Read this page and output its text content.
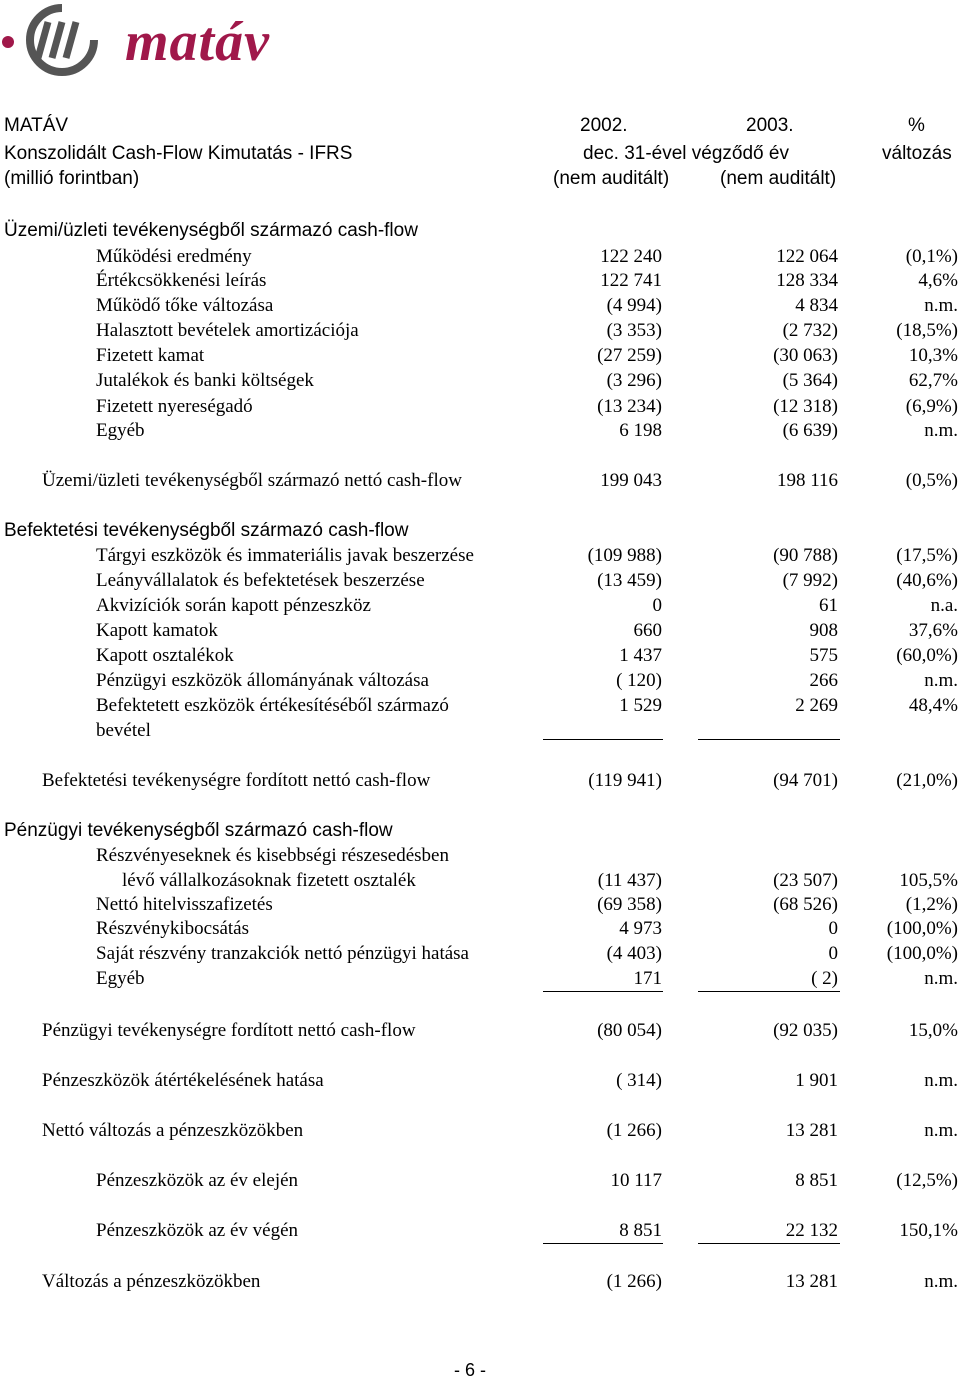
matáv
MATÁV	2002.	2003.	%
Konszolidált Cash-Flow Kimutatás - IFRS	dec. 31-ével végződő év	változás
(millió forintban)	(nem auditált)	(nem auditált)
Üzemi/üzleti tevékenységből származó cash-flow
Működési eredmény	122 240	122 064	(0,1%)
Értékcsökkenési leírás	122 741	128 334	4,6%
Működő tőke változása	(4 994)	4 834	n.m.
Halasztott bevételek amortizációja	(3 353)	(2 732)	(18,5%)
Fizetett kamat	(27 259)	(30 063)	10,3%
Jutalékok és banki költségek	(3 296)	(5 364)	62,7%
Fizetett nyereségadó	(13 234)	(12 318)	(6,9%)
Egyéb	6 198	(6 639)	n.m.
Üzemi/üzleti tevékenységből származó nettó cash-flow	199 043	198 116	(0,5%)
Befektetési tevékenységből származó cash-flow
Tárgyi eszközök és immateriális javak beszerzése	(109 988)	(90 788)	(17,5%)
Leányvállalatok és befektetések beszerzése	(13 459)	(7 992)	(40,6%)
Akvizíciók során kapott pénzeszköz	0	61	n.a.
Kapott kamatok	660	908	37,6%
Kapott osztalékok	1 437	575	(60,0%)
Pénzügyi eszközök állományának változása	( 120)	266	n.m.
Befektetett eszközök értékesítéséből származó	1 529	2 269	48,4%
bevétel
Befektetési tevékenységre fordított nettó cash-flow	(119 941)	(94 701)	(21,0%)
Pénzügyi tevékenységből származó cash-flow
Részvényeseknek és kisebbségi részesedésben
lévő vállalkozásoknak fizetett osztalék	(11 437)	(23 507)	105,5%
Nettó hitelvisszafizetés	(69 358)	(68 526)	(1,2%)
Részvénykibocsátás	4 973	0	(100,0%)
Saját részvény tranzakciók nettó pénzügyi hatása	(4 403)	0	(100,0%)
Egyéb	171	( 2)	n.m.
Pénzügyi tevékenységre fordított nettó cash-flow	(80 054)	(92 035)	15,0%
Pénzeszközök átértékelésének hatása	( 314)	1 901	n.m.
Nettó változás a pénzeszközökben	(1 266)	13 281	n.m.
Pénzeszközök az év elején	10 117	8 851	(12,5%)
Pénzeszközök az év végén	8 851	22 132	150,1%
Változás a pénzeszközökben	(1 266)	13 281	n.m.
- 6 -
